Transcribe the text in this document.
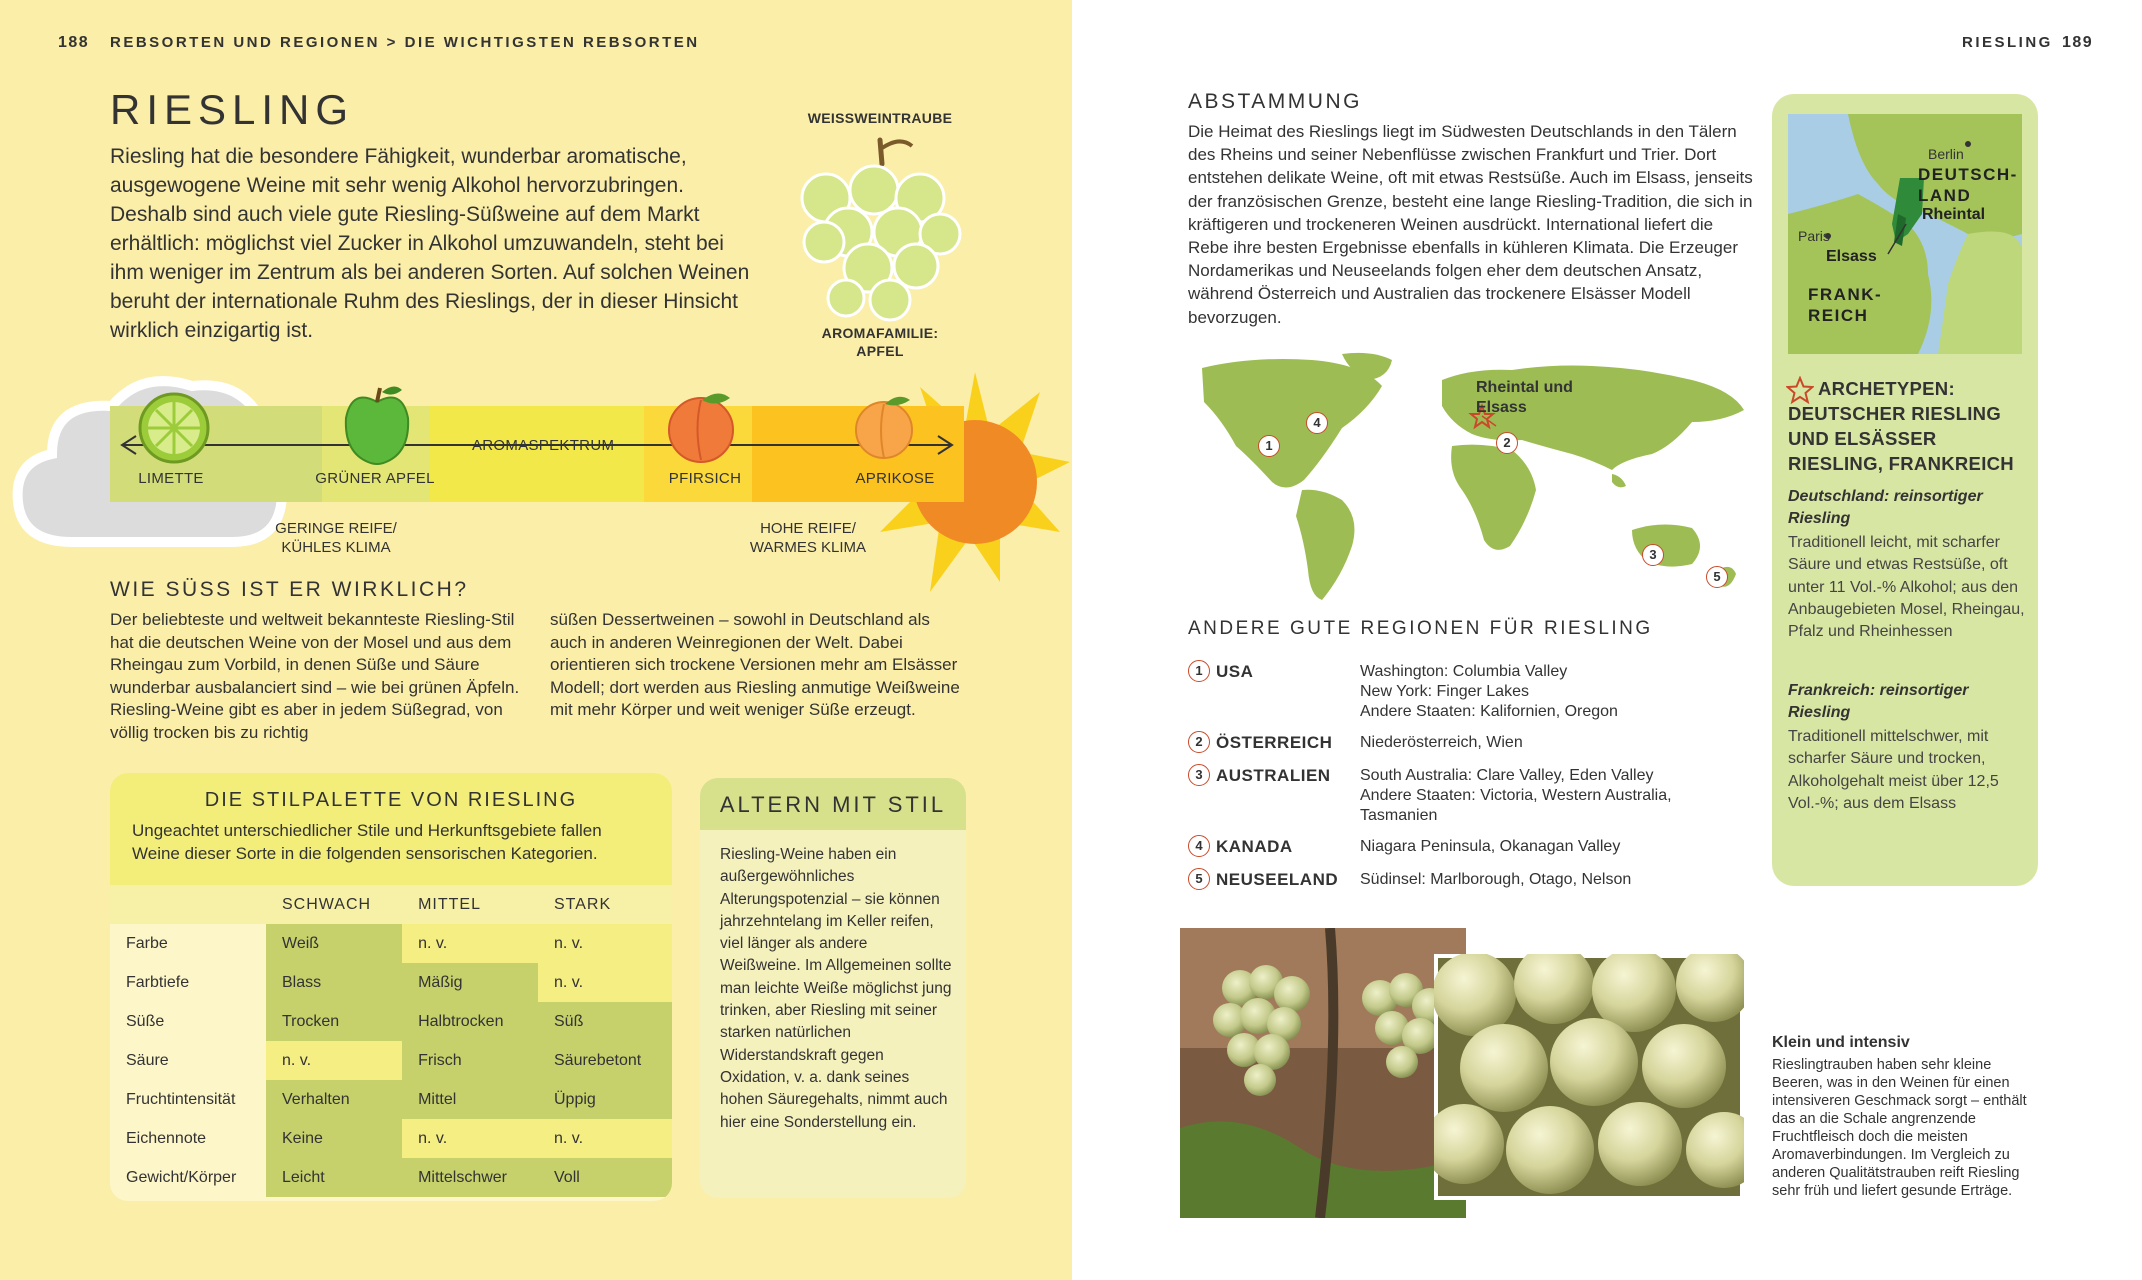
188 REBSORTEN UND REGIONEN > DIE WICHTIGSTEN REBSORTEN
RIESLING
Riesling hat die besondere Fähigkeit, wunderbar aromatische, ausgewogene Weine mit sehr wenig Alkohol hervorzubringen. Deshalb sind auch viele gute Riesling-Süßweine auf dem Markt erhältlich: möglichst viel Zucker in Alkohol umzuwandeln, steht bei ihm weniger im Zentrum als bei anderen Sorten. Auf solchen Weinen beruht der internationale Ruhm des Rieslings, der in dieser Hinsicht wirklich einzigartig ist.
WEISSWEINTRAUBE
AROMAFAMILIE:
APFEL
AROMASPEKTRUM
LIMETTE	GRÜNER APFEL	PFIRSICH	APRIKOSE
GERINGE REIFE/
KÜHLES KLIMA
HOHE REIFE/
WARMES KLIMA
WIE SÜSS IST ER WIRKLICH?
Der beliebteste und weltweit bekannteste Riesling-Stil hat die deutschen Weine von der Mosel und aus dem Rheingau zum Vorbild, in denen Süße und Säure wunderbar ausbalanciert sind – wie bei grünen Äpfeln. Riesling-Weine gibt es aber in jedem Süßegrad, von völlig trocken bis zu richtig
süßen Dessertweinen – sowohl in Deutschland als auch in anderen Weinregionen der Welt. Dabei orientieren sich trockene Versionen mehr am Elsässer Modell; dort werden aus Riesling anmutige Weißweine mit mehr Körper und weit weniger Süße erzeugt.
DIE STILPALETTE VON RIESLING
Ungeachtet unterschiedlicher Stile und Herkunftsgebiete fallen Weine dieser Sorte in die folgenden sensorischen Kategorien.
	SCHWACH	MITTEL	STARK
Farbe	Weiß	n. v.	n. v.
Farbtiefe	Blass	Mäßig	n. v.
Süße	Trocken	Halbtrocken	Süß
Säure	n. v.	Frisch	Säurebetont
Fruchtintensität	Verhalten	Mittel	Üppig
Eichennote	Keine	n. v.	n. v.
Gewicht/Körper	Leicht	Mittelschwer	Voll
ALTERN MIT STIL
Riesling-Weine haben ein außergewöhnliches Alterungspotenzial – sie können jahrzehntelang im Keller reifen, viel länger als andere Weißweine. Im Allgemeinen sollte man leichte Weiße möglichst jung trinken, aber Riesling mit seiner starken natürlichen Widerstandskraft gegen Oxidation, v. a. dank seines hohen Säuregehalts, nimmt auch hier eine Sonderstellung ein.
RIESLING 189
ABSTAMMUNG
Die Heimat des Rieslings liegt im Südwesten Deutschlands in den Tälern des Rheins und seiner Nebenflüsse zwischen Frankfurt und Trier. Dort entstehen delikate Weine, oft mit etwas Restsüße. Auch im Elsass, jenseits der französischen Grenze, besteht eine lange Riesling-Tradition, die sich in kräftigeren und trockeneren Weinen ausdrückt. International liefert die Rebe ihre besten Ergebnisse ebenfalls in kühleren Klimata. Die Erzeuger Nordamerikas und Neuseelands folgen eher dem deutschen Ansatz, während Österreich und Australien das trockenere Elsässer Modell bevorzugen.
Rheintal und
Elsass
1	2
3
4
5
ANDERE GUTE REGIONEN FÜR RIESLING
1 USA	Washington: Columbia Valley
New York: Finger Lakes
Andere Staaten: Kalifornien, Oregon
2 ÖSTERREICH Niederösterreich, Wien
3 AUSTRALIEN South Australia: Clare Valley, Eden Valley
Andere Staaten: Victoria, Western Australia,
Tasmanien
4 KANADA	Niagara Peninsula, Okanagan Valley
5 NEUSEELAND Südinsel: Marlborough, Otago, Nelson
Klein und intensiv
Rieslingtrauben haben sehr kleine Beeren, was in den Weinen für einen intensiveren Geschmack sorgt – enthält das an die Schale angrenzende Fruchtfleisch doch die meisten Aromaverbindungen. Im Vergleich zu anderen Qualitätstrauben reift Riesling sehr früh und liefert gesunde Erträge.
Berlin
DEUTSCH-
LAND
Rheintal
Paris
Elsass
FRANK-
REICH
ARCHETYPEN: DEUTSCHER RIESLING UND ELSÄSSER RIESLING, FRANKREICH
Deutschland: reinsortiger Riesling
Traditionell leicht, mit scharfer Säure und etwas Restsüße, oft unter 11 Vol.-% Alkohol; aus den Anbaugebieten Mosel, Rheingau, Pfalz und Rheinhessen
Frankreich: reinsortiger Riesling
Traditionell mittelschwer, mit scharfer Säure und trocken, Alkoholgehalt meist über 12,5 Vol.-%; aus dem Elsass
